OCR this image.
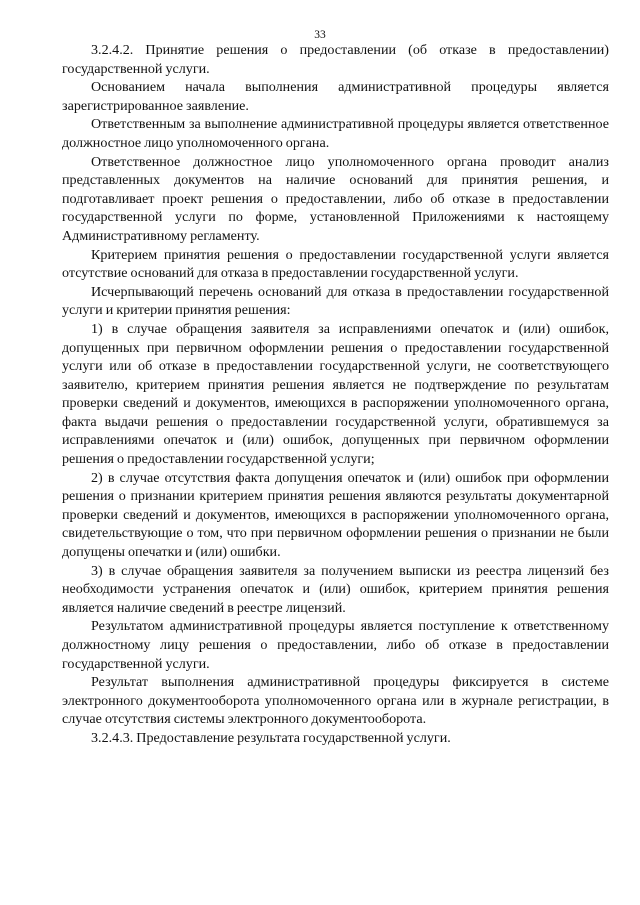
33

3.2.4.2. Принятие решения о предоставлении (об отказе в предоставлении) государственной услуги.

Основанием начала выполнения административной процедуры является зарегистрированное заявление.

Ответственным за выполнение административной процедуры является ответственное должностное лицо уполномоченного органа.

Ответственное должностное лицо уполномоченного органа проводит анализ представленных документов на наличие оснований для принятия решения, и подготавливает проект решения о предоставлении, либо об отказе в предоставлении государственной услуги по форме, установленной Приложениями к настоящему Административному регламенту.

Критерием принятия решения о предоставлении государственной услуги является отсутствие оснований для отказа в предоставлении государственной услуги.

Исчерпывающий перечень оснований для отказа в предоставлении государственной услуги и критерии принятия решения:

1) в случае обращения заявителя за исправлениями опечаток и (или) ошибок, допущенных при первичном оформлении решения о предоставлении государственной услуги или об отказе в предоставлении государственной услуги, не соответствующего заявителю, критерием принятия решения является не подтверждение по результатам проверки сведений и документов, имеющихся в распоряжении уполномоченного органа, факта выдачи решения о предоставлении государственной услуги, обратившемуся за исправлениями опечаток и (или) ошибок, допущенных при первичном оформлении решения о предоставлении государственной услуги;

2) в случае отсутствия факта допущения опечаток и (или) ошибок при оформлении решения о признании критерием принятия решения являются результаты документарной проверки сведений и документов, имеющихся в распоряжении уполномоченного органа, свидетельствующие о том, что при первичном оформлении решения о признании не были допущены опечатки и (или) ошибки.

3) в случае обращения заявителя за получением выписки из реестра лицензий без необходимости устранения опечаток и (или) ошибок, критерием принятия решения является наличие сведений в реестре лицензий.

Результатом административной процедуры является поступление к ответственному должностному лицу решения о предоставлении, либо об отказе в предоставлении государственной услуги.

Результат выполнения административной процедуры фиксируется в системе электронного документооборота уполномоченного органа или в журнале регистрации, в случае отсутствия системы электронного документооборота.

3.2.4.3. Предоставление результата государственной услуги.
